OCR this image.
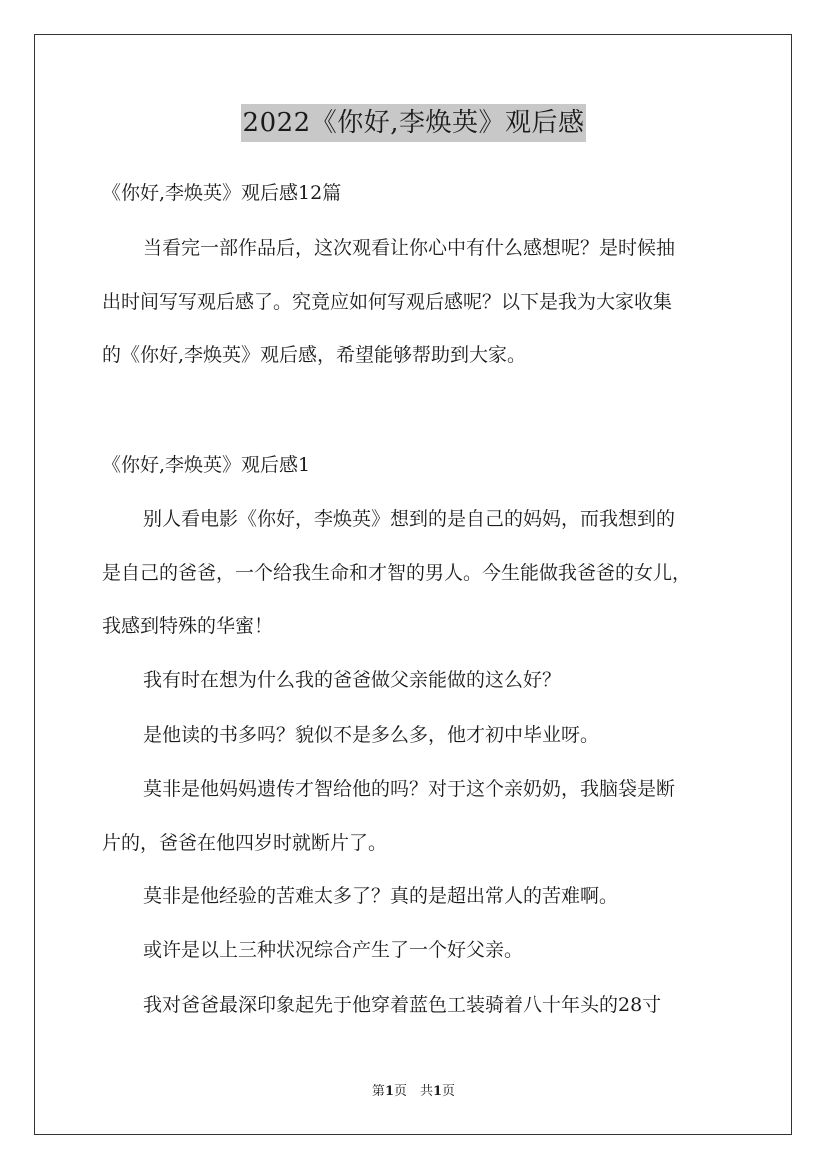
2022《你好,李焕英》观后感
《你好,李焕英》观后感12篇
当看完一部作品后，这次观看让你心中有什么感想呢？是时候抽
出时间写写观后感了。究竟应如何写观后感呢？以下是我为大家收集
的《你好,李焕英》观后感，希望能够帮助到大家。
《你好,李焕英》观后感1
别人看电影《你好，李焕英》想到的是自己的妈妈，而我想到的
是自己的爸爸，一个给我生命和才智的男人。今生能做我爸爸的女儿，
我感到特殊的华蜜！
我有时在想为什么我的爸爸做父亲能做的这么好？
是他读的书多吗？貌似不是多么多，他才初中毕业呀。
莫非是他妈妈遗传才智给他的吗？对于这个亲奶奶，我脑袋是断
片的，爸爸在他四岁时就断片了。
莫非是他经验的苦难太多了？真的是超出常人的苦难啊。
或许是以上三种状况综合产生了一个好父亲。
我对爸爸最深印象起先于他穿着蓝色工装骑着八十年头的28寸
第1页　共1页
